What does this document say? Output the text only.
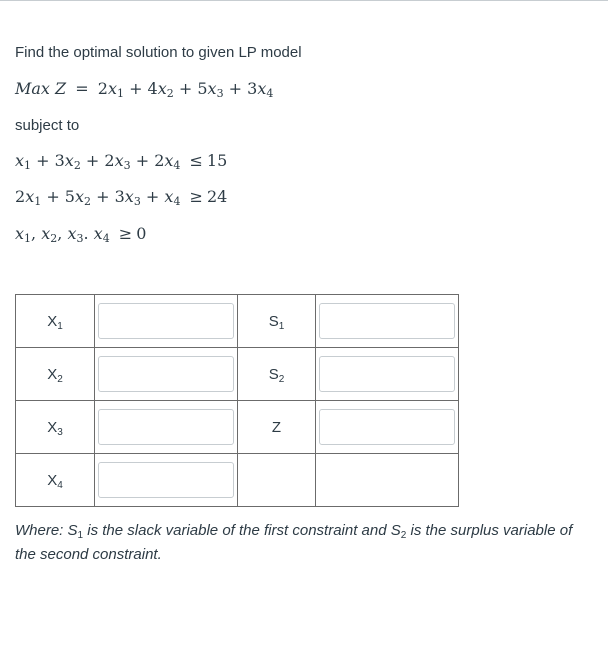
Find the optimal solution to given LP model
Max $Z = 2x_1 + 4x_2 + 5x_3 + 3x_4$
subject to
$x_1 + 3x_2 + 2x_3 + 2x_4 \le 15$
$2x_1 + 5x_2 + 3x_3 + x_4 \ge 24$
$x_1$, $x_2$, $x_3$. $x_4 \ge 0$
$X_1$		$S_1$	

$X_2$		$S_2$	

$X_3$		Z	

$X_4$	

Where: $S_1$ is the slack variable of the first constraint and $S_2$ is the surplus variable of the second constraint.
